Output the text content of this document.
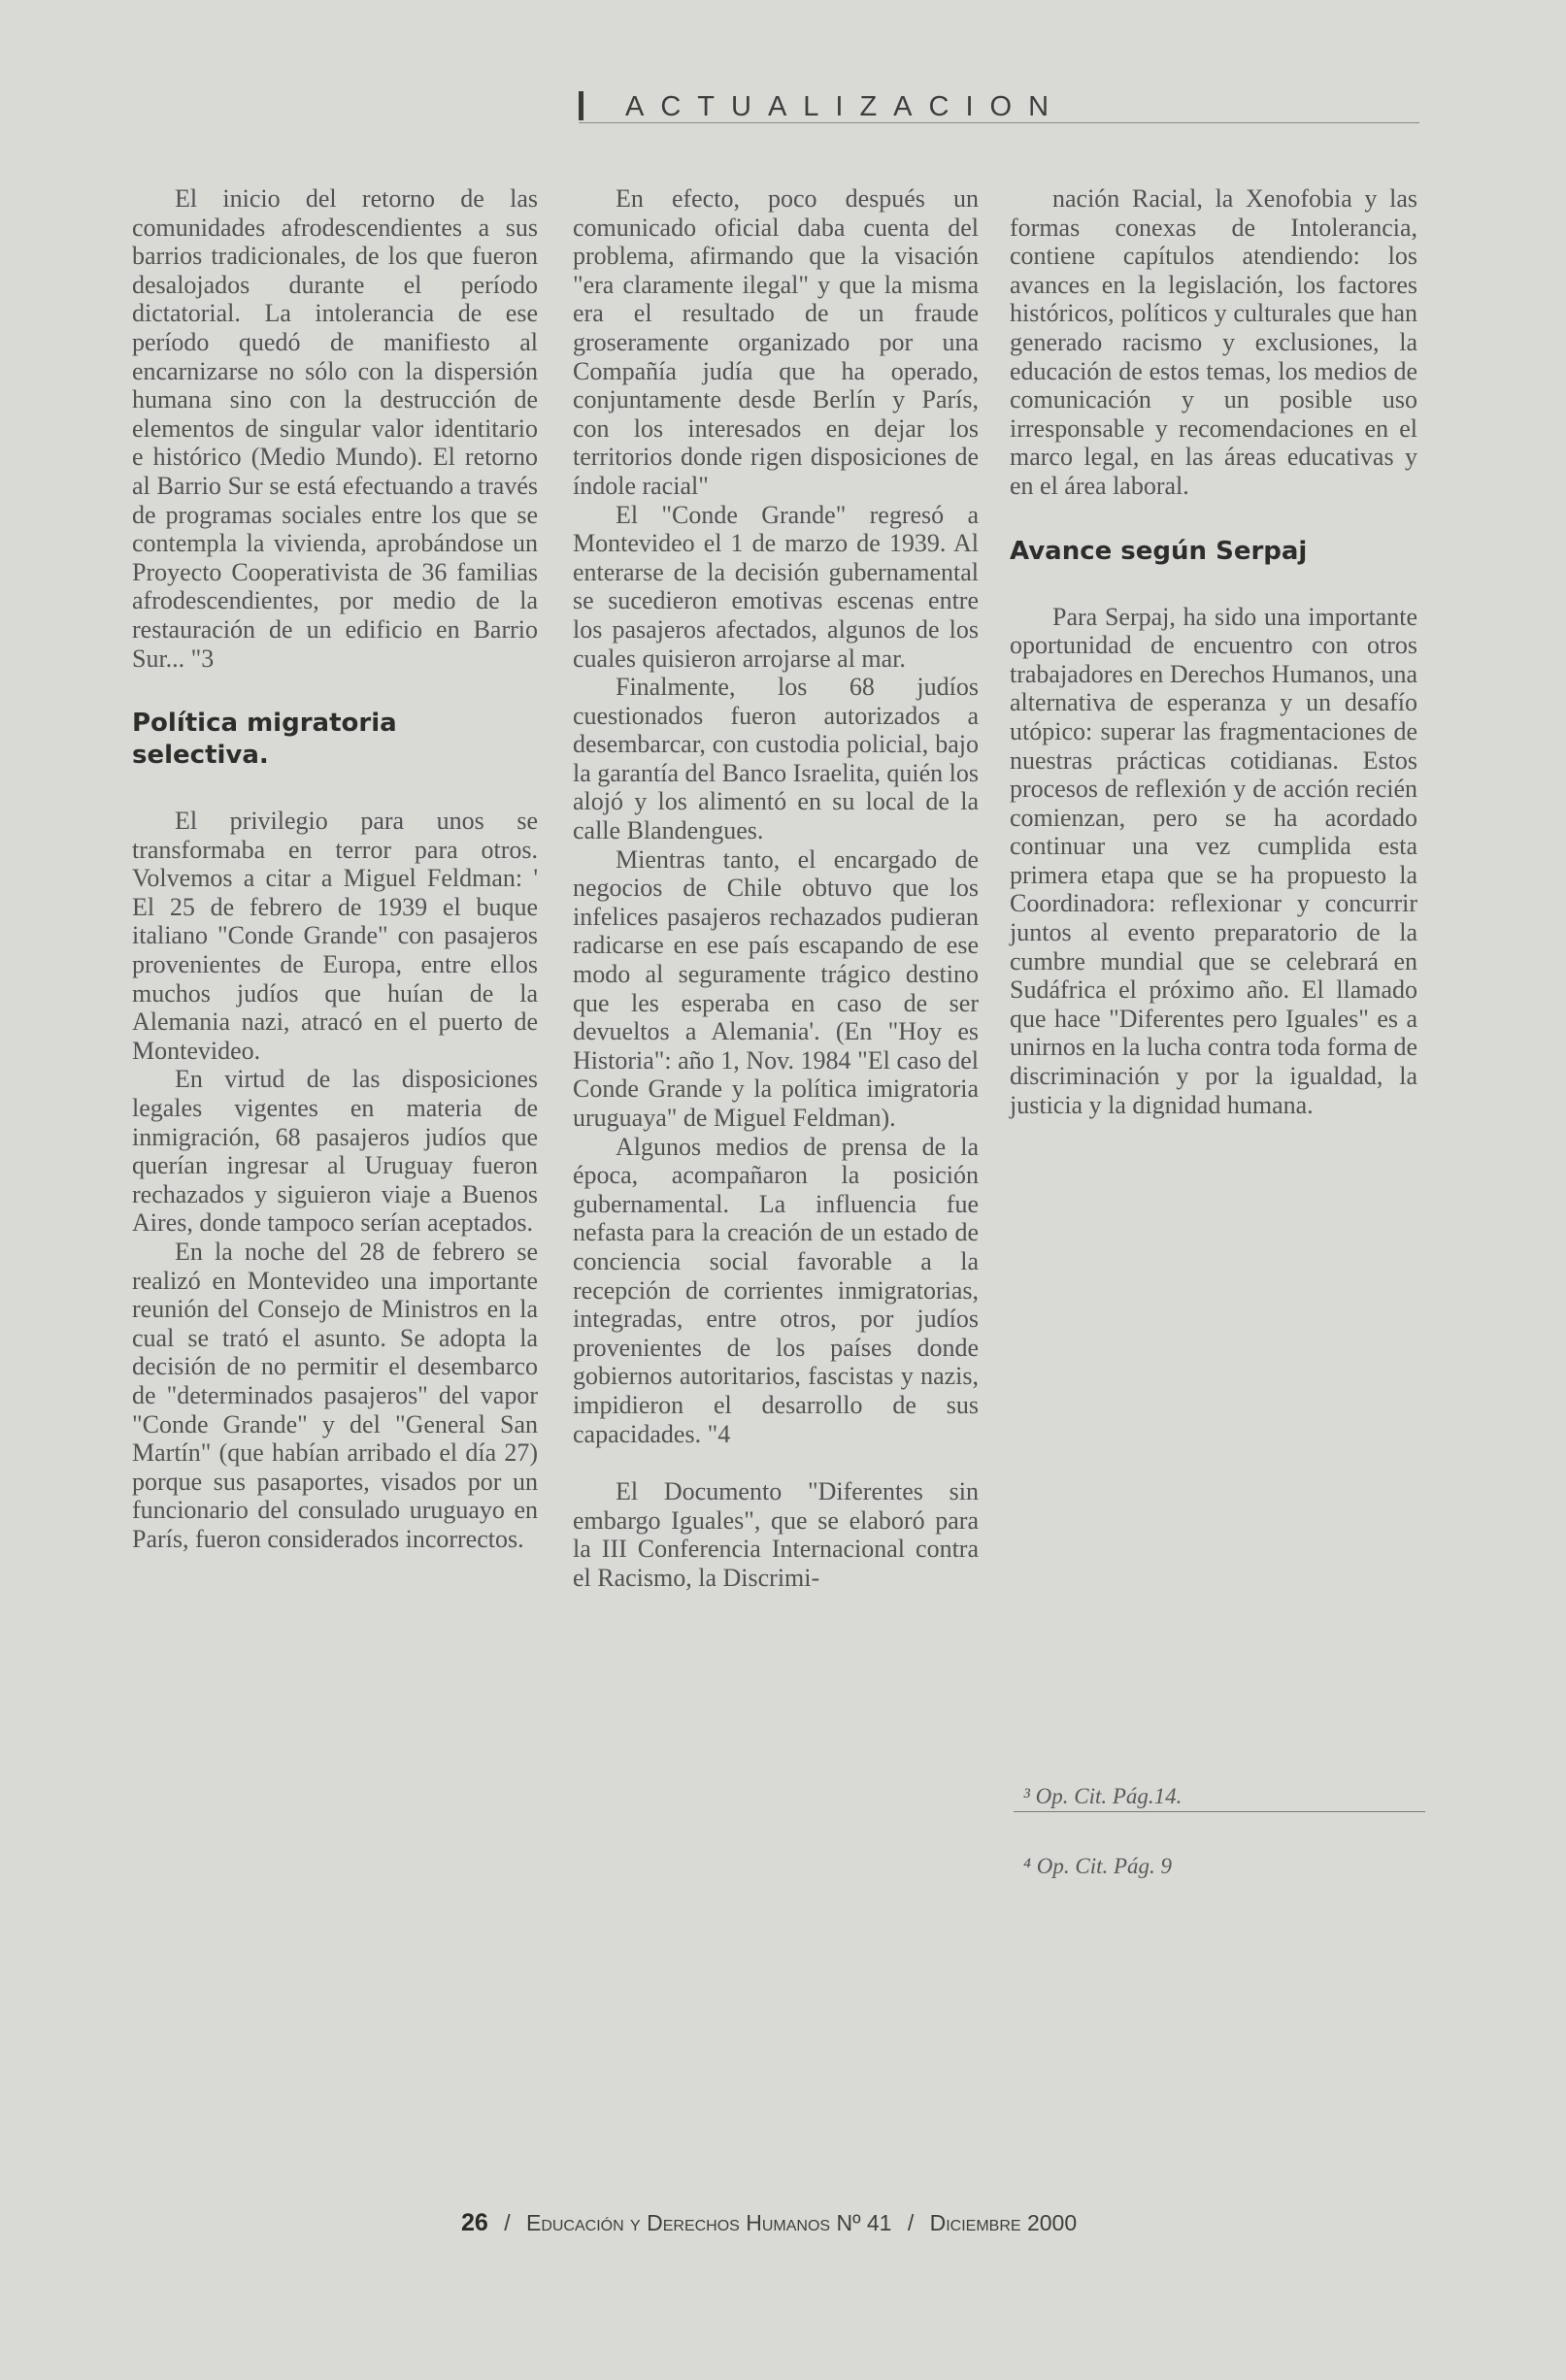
ACTUALIZACION

El inicio del retorno de las comunidades afrodescendientes a sus barrios tradicionales, de los que fueron desalojados durante el período dictatorial. La intolerancia de ese período quedó de manifiesto al encarnizarse no sólo con la dispersión humana sino con la destrucción de elementos de singular valor identitario e histórico (Medio Mundo). El retorno al Barrio Sur se está efectuando a través de programas sociales entre los que se contempla la vivienda, aprobándose un Proyecto Cooperativista de 36 familias afrodescendientes, por medio de la restauración de un edificio en Barrio Sur... "3

Política migratoria selectiva.

El privilegio para unos se transformaba en terror para otros. Volvemos a citar a Miguel Feldman: ' El 25 de febrero de 1939 el buque italiano "Conde Grande" con pasajeros provenientes de Europa, entre ellos muchos judíos que huían de la Alemania nazi, atracó en el puerto de Montevideo.

En virtud de las disposiciones legales vigentes en materia de inmigración, 68 pasajeros judíos que querían ingresar al Uruguay fueron rechazados y siguieron viaje a Buenos Aires, donde tampoco serían aceptados.

En la noche del 28 de febrero se realizó en Montevideo una importante reunión del Consejo de Ministros en la cual se trató el asunto. Se adopta la decisión de no permitir el desembarco de "determinados pasajeros" del vapor "Conde Grande" y del "General San Martín" (que habían arribado el día 27) porque sus pasaportes, visados por un funcionario del consulado uruguayo en París, fueron considerados incorrectos.

En efecto, poco después un comunicado oficial daba cuenta del problema, afirmando que la visación "era claramente ilegal" y que la misma era el resultado de un fraude groseramente organizado por una Compañía judía que ha operado, conjuntamente desde Berlín y París, con los interesados en dejar los territorios donde rigen disposiciones de índole racial"

El "Conde Grande" regresó a Montevideo el 1 de marzo de 1939. Al enterarse de la decisión gubernamental se sucedieron emotivas escenas entre los pasajeros afectados, algunos de los cuales quisieron arrojarse al mar.

Finalmente, los 68 judíos cuestionados fueron autorizados a desembarcar, con custodia policial, bajo la garantía del Banco Israelita, quién los alojó y los alimentó en su local de la calle Blandengues.

Mientras tanto, el encargado de negocios de Chile obtuvo que los infelices pasajeros rechazados pudieran radicarse en ese país escapando de ese modo al seguramente trágico destino que les esperaba en caso de ser devueltos a Alemania'. (En "Hoy es Historia": año 1, Nov. 1984 "El caso del Conde Grande y la política imigratoria uruguaya" de Miguel Feldman).

Algunos medios de prensa de la época, acompañaron la posición gubernamental. La influencia fue nefasta para la creación de un estado de conciencia social favorable a la recepción de corrientes inmigratorias, integradas, entre otros, por judíos provenientes de los países donde gobiernos autoritarios, fascistas y nazis, impidieron el desarrollo de sus capacidades. "4

El Documento "Diferentes sin embargo Iguales", que se elaboró para la III Conferencia Internacional contra el Racismo, la Discrimi-

nación Racial, la Xenofobia y las formas conexas de Intolerancia, contiene capítulos atendiendo: los avances en la legislación, los factores históricos, políticos y culturales que han generado racismo y exclusiones, la educación de estos temas, los medios de comunicación y un posible uso irresponsable y recomendaciones en el marco legal, en las áreas educativas y en el área laboral.

Avance según Serpaj

Para Serpaj, ha sido una importante oportunidad de encuentro con otros trabajadores en Derechos Humanos, una alternativa de esperanza y un desafío utópico: superar las fragmentaciones de nuestras prácticas cotidianas. Estos procesos de reflexión y de acción recién comienzan, pero se ha acordado continuar una vez cumplida esta primera etapa que se ha propuesto la Coordinadora: reflexionar y concurrir juntos al evento preparatorio de la cumbre mundial que se celebrará en Sudáfrica el próximo año. El llamado que hace "Diferentes pero Iguales" es a unirnos en la lucha contra toda forma de discriminación y por la igualdad, la justicia y la dignidad humana.

³ Op. Cit. Pág.14.
⁴ Op. Cit. Pág. 9
26 / Educación y Derechos Humanos Nº 41 / Diciembre 2000
